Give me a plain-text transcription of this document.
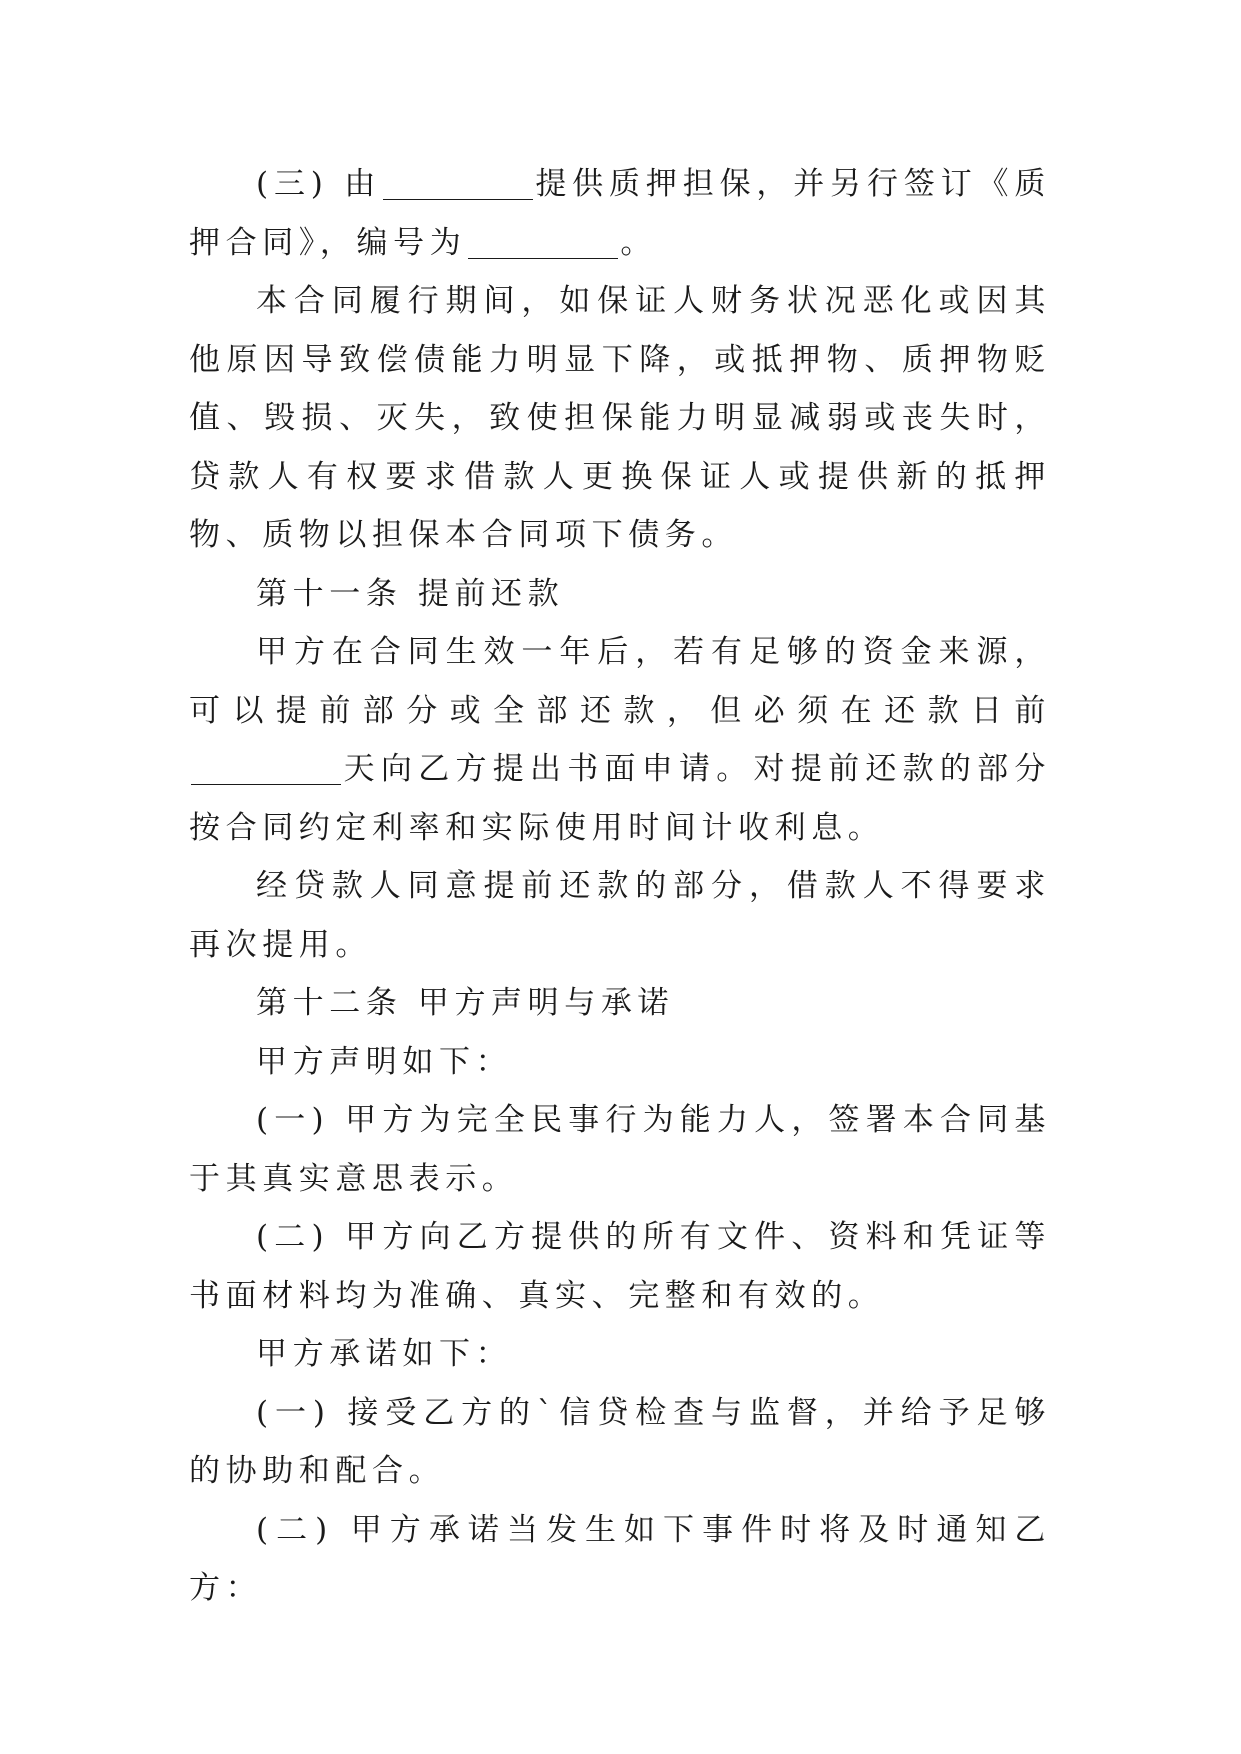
(三) 由	提供质押担保，并另行签订《质押合同》，编号为	。

本合同履行期间，如保证人财务状况恶化或因其他原因导致偿债能力明显下降，或抵押物、质押物贬值、毁损、灭失，致使担保能力明显减弱或丧失时，贷款人有权要求借款人更换保证人或提供新的抵押物、质物以担保本合同项下债务。

第十一条 提前还款

甲方在合同生效一年后，若有足够的资金来源，可以提前部分或全部还款，但必须在还款日前天向乙方提出书面申请。对提前还款的部分按合同约定利率和实际使用时间计收利息。

经贷款人同意提前还款的部分，借款人不得要求再次提用。

第十二条 甲方声明与承诺

甲方声明如下：

(一) 甲方为完全民事行为能力人，签署本合同基于其真实意思表示。

(二) 甲方向乙方提供的所有文件、资料和凭证等书面材料均为准确、真实、完整和有效的。

甲方承诺如下：

(一) 接受乙方的`信贷检查与监督，并给予足够的协助和配合。

(二) 甲方承诺当发生如下事件时将及时通知乙方：
